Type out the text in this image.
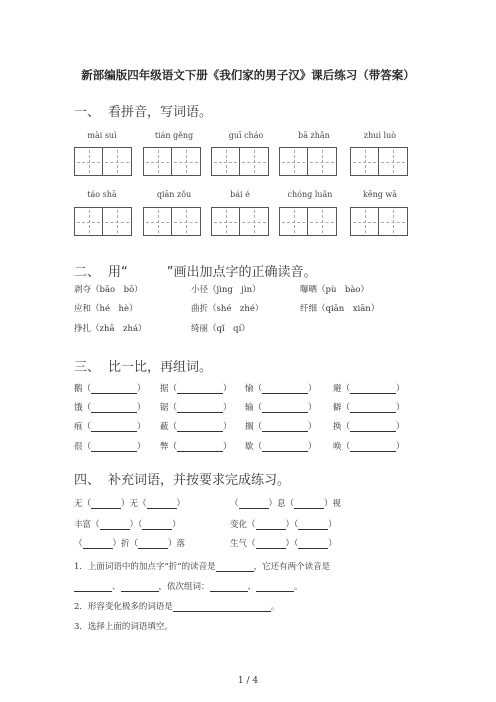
新部编版四年级语文下册《我们家的男子汉》课后练习（带答案）
一、 看拼音，写词语。
mài suì	tián gěng	guī cháo	bā zhǎn	zhuì luò
táo shā	qiān zǒu	bái é	chóng luǎn	kēng wā
二、 用“　　　”画出加点字的正确读音。
剥夺（bāo　bō）	小径（jìng　jìn）	曝晒（pù　bào）
应和（hé　hè）	曲折（shé　zhé）	纤细（qiān　xiān）
挣扎（zhā　zhá）	绮丽（qǐ　qí）
三、 比一比，再组词。
鹅（	） 据（	） 愉（	） 避（	）
饿（	） 锯（	） 输（	） 僻（	）
痕（	） 蔽（	） 搁（	） 换（	）
很（	） 弊（	） 歇（	） 唤（	）
四、 补充词语，并按要求完成练习。
无（	）无（	）	（	）息（	）视
丰富（	）（	）	变化（	）（	）
（	）折（	）落	生气（	）（	）
1．上面词语中的加点字“折”的读音是	，它还有两个读音是
、	，依次组词：	、	。
2．形容变化极多的词语是	。
3．选择上面的词语填空。
1 / 4
